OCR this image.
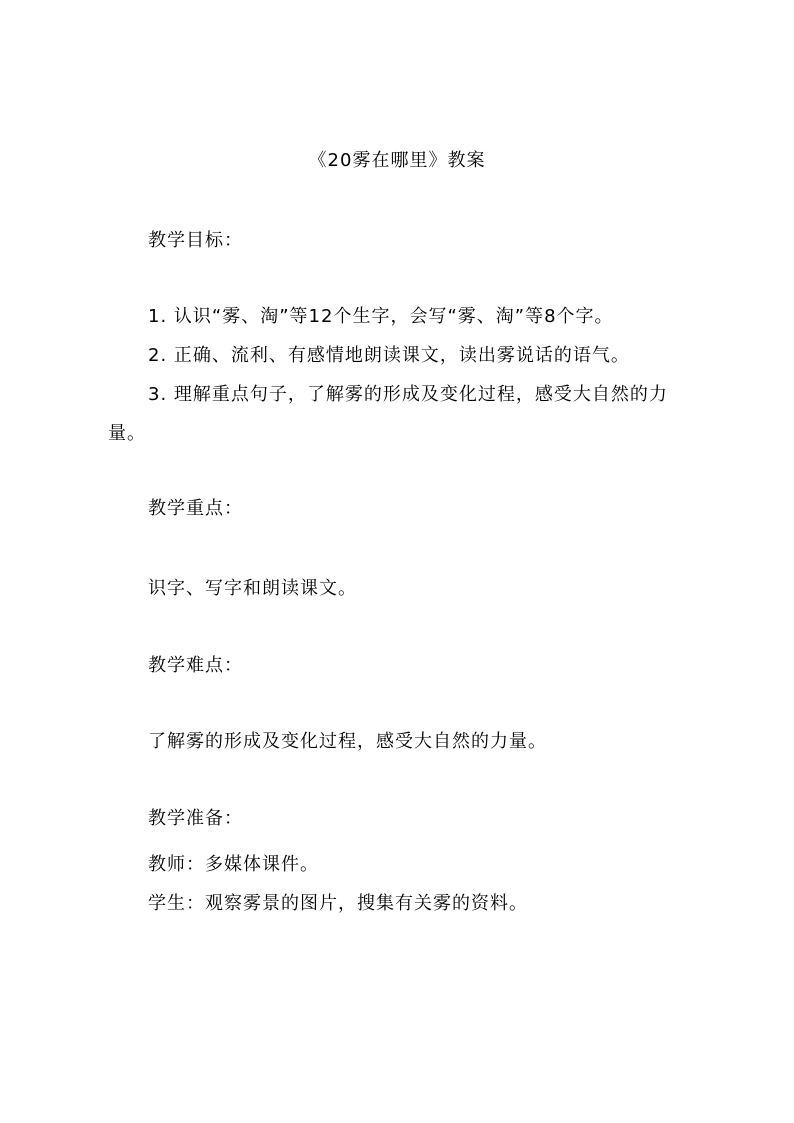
《20雾在哪里》教案

教学目标：

1. 认识“雾、淘”等12个生字，会写“雾、淘”等8个字。

2. 正确、流利、有感情地朗读课文，读出雾说话的语气。

3. 理解重点句子，了解雾的形成及变化过程，感受大自然的力量。

教学重点：

识字、写字和朗读课文。

教学难点：

了解雾的形成及变化过程，感受大自然的力量。

教学准备：

教师：多媒体课件。

学生：观察雾景的图片，搜集有关雾的资料。
